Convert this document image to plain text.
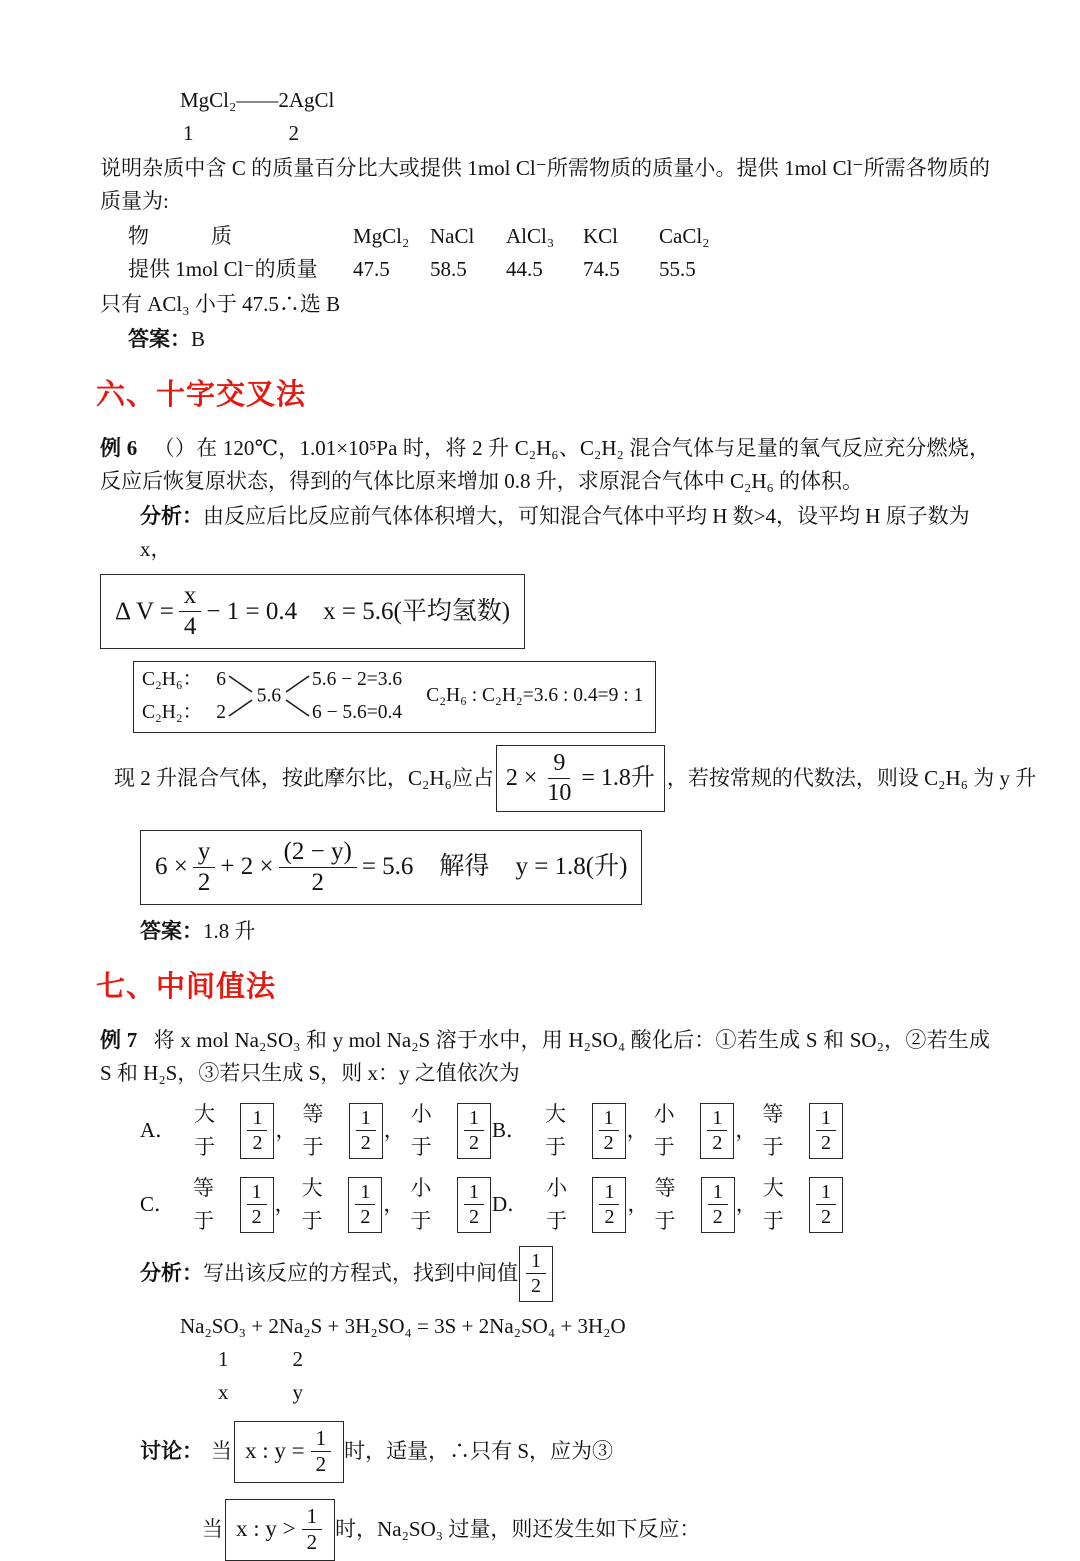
MgCl₂——2AgCl
1	2
说明杂质中含 C 的质量百分比大或提供 1mol Cl⁻所需物质的质量小。提供 1mol Cl⁻所需各物质的质量为:
物	质	MgCl₂ NaCl	AlCl₃	KCl	CaCl₂
提供 1mol Cl⁻的质量	47.5	58.5	44.5	74.5	55.5
只有 ACl₃ 小于 47.5∴选 B
答案：B
六、十字交叉法
例 6 （）在 120℃，1.01×10⁵Pa 时，将 2 升 C₂H₆、C₂H₂ 混合气体与足量的氧气反应充分燃烧，反应后恢复原状态，得到的气体比原来增加 0.8 升，求原混合气体中 C₂H₆ 的体积。
分析：由反应后比反应前气体体积增大，可知混合气体中平均 H 数>4，设平均 H 原子数为 x，
Δ $V = \frac{x}{4} - 1 = 0.4$ x = 5.6(平均氢数)
C₂H₆： 6
C₂H₂： 2
5.6
5.6 − 2=3.6
6 − 5.6=0.4
C₂H₆ : C₂H₂=3.6 : 0.4=9 : 1
现 2 升混合气体，按此摩尔比，C₂H₆应占 $2 \times \frac{9}{10} = 1.8$升 ，若按常规的代数法，则设 C₂H₆ 为 y 升
$6 \times \frac{y}{2} + 2 \times \frac{(2 - y)}{2} = 5.6$ 解得 y = 1.8(升)
答案：1.8 升
七、中间值法
例 7 将 x mol Na₂SO₃ 和 y mol Na₂S 溶于水中，用 H₂SO₄ 酸化后：①若生成 S 和 SO₂，②若生成 S 和 H₂S，③若只生成 S，则 x：y 之值依次为
A．
大于	$\frac{1}{2}$ ，
等于	$\frac{1}{2}$ ，
小于	$\frac{1}{2}$ B．
大于	$\frac{1}{2}$ ，
小于	$\frac{1}{2}$ ，
等于	$\frac{1}{2}$
C．
等于	$\frac{1}{2}$ ，
大于	$\frac{1}{2}$ ，
小于	$\frac{1}{2}$ D．
小于	$\frac{1}{2}$ ，
等于	$\frac{1}{2}$ ，
大于	$\frac{1}{2}$
分析： 写出该反应的方程式，找到中间值 $\frac{1}{2}$
Na₂SO₃ + 2Na₂S + 3H₂SO₄ = 3S + 2Na₂SO₄ + 3H₂O
1	2
x	y
讨论： 当 x : $y = \frac{1}{2}$ 时，适量，∴只有 S，应为③
当 x : $y > \frac{1}{2}$ 时，Na₂SO₃ 过量，则还发生如下反应：
